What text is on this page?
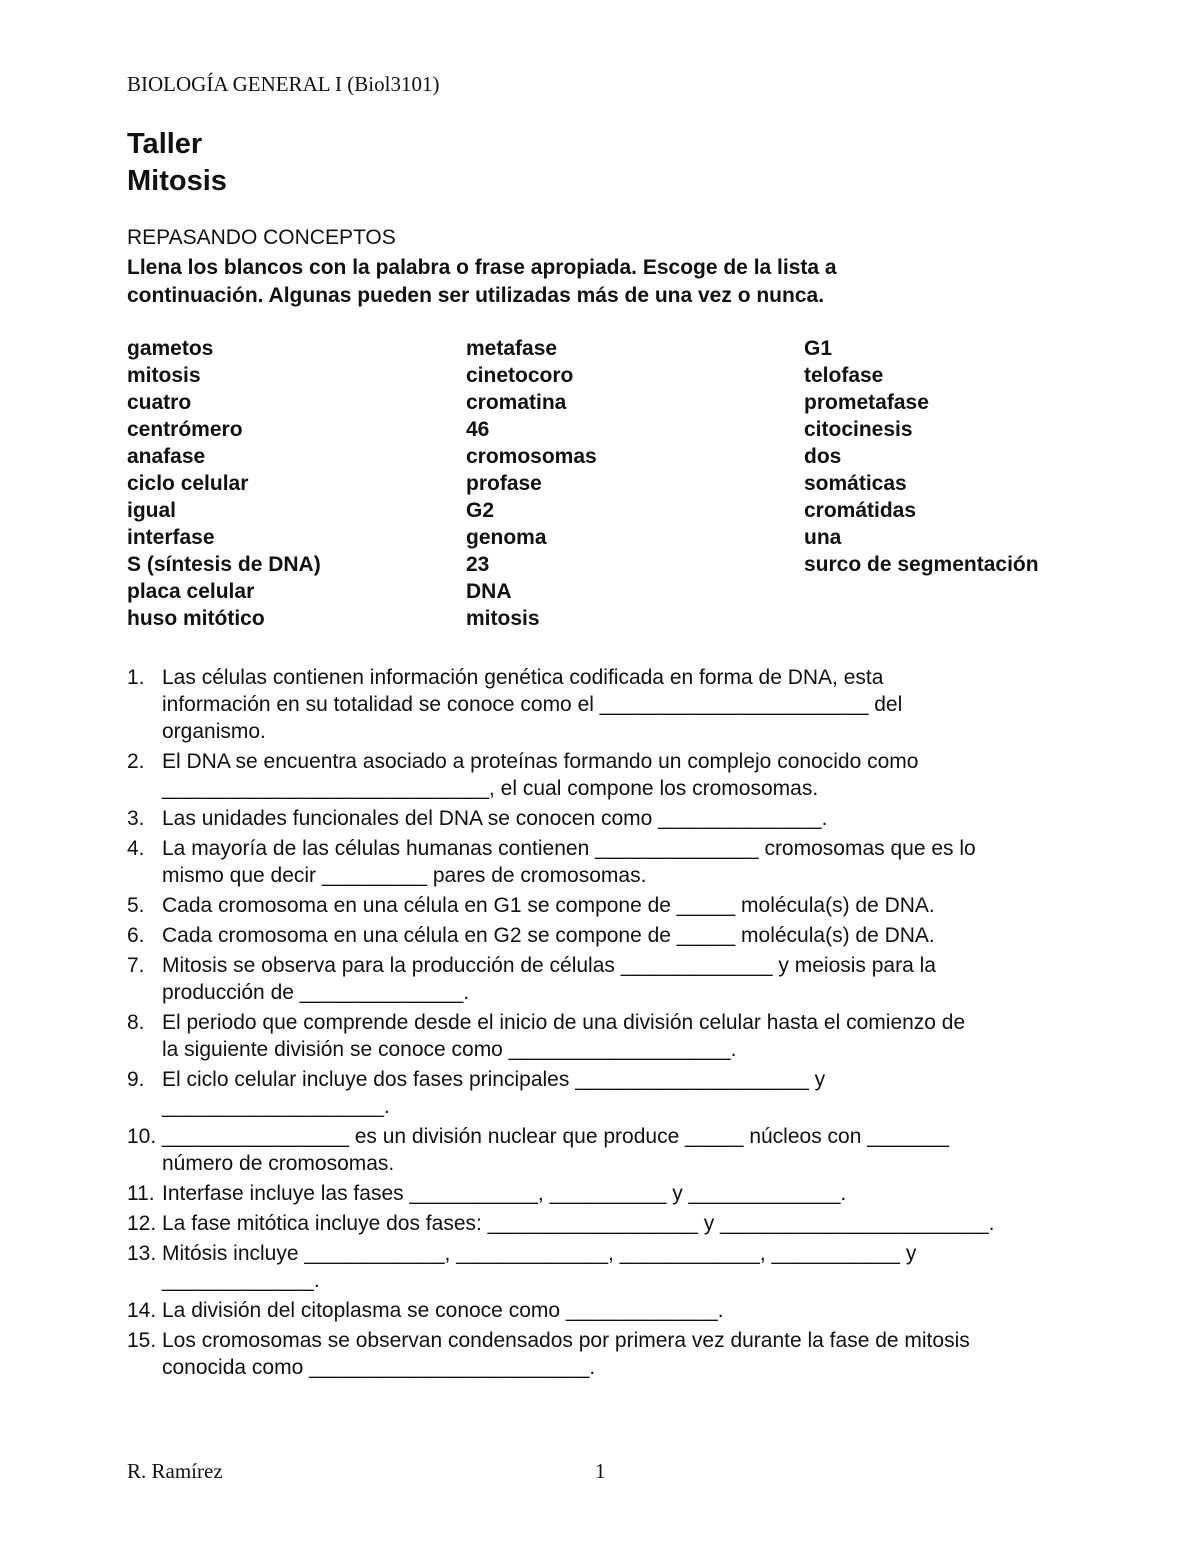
BIOLOGÍA GENERAL I (Biol3101)
Taller
Mitosis
REPASANDO CONCEPTOS
Llena los blancos con la palabra o frase apropiada. Escoge de la lista a
continuación. Algunas pueden ser utilizadas más de una vez o nunca.
gametos
mitosis
cuatro
centrómero
anafase
ciclo celular
igual
interfase
S (síntesis de DNA)
placa celular
huso mitótico
metafase
cinetocoro
cromatina
46
cromosomas
profase
G2
genoma
23
DNA
mitosis
G1
telofase
prometafase
citocinesis
dos
somáticas
cromátidas
una
surco de segmentación
1. Las células contienen información genética codificada en forma de DNA, esta
información en su totalidad se conoce como el _______________________ del
organismo.
2. El DNA se encuentra asociado a proteínas formando un complejo conocido como
____________________________, el cual compone los cromosomas.
3. Las unidades funcionales del DNA se conocen como ______________.
4. La mayoría de las células humanas contienen ______________ cromosomas que es lo
mismo que decir _________ pares de cromosomas.
5. Cada cromosoma en una célula en G1 se compone de _____ molécula(s) de DNA.
6. Cada cromosoma en una célula en G2 se compone de _____ molécula(s) de DNA.
7. Mitosis se observa para la producción de células _____________ y meiosis para la
producción de ______________.
8. El periodo que comprende desde el inicio de una división celular hasta el comienzo de
la siguiente división se conoce como ___________________.
9. El ciclo celular incluye dos fases principales ____________________ y
___________________.
10. ________________ es un división nuclear que produce _____ núcleos con _______
número de cromosomas.
11. Interfase incluye las fases ___________, __________ y _____________.
12. La fase mitótica incluye dos fases: __________________ y _______________________.
13. Mitósis incluye ____________, _____________, ____________, ___________ y
_____________.
14. La división del citoplasma se conoce como _____________.
15. Los cromosomas se observan condensados por primera vez durante la fase de mitosis
conocida como ________________________.
R. Ramírez	1
